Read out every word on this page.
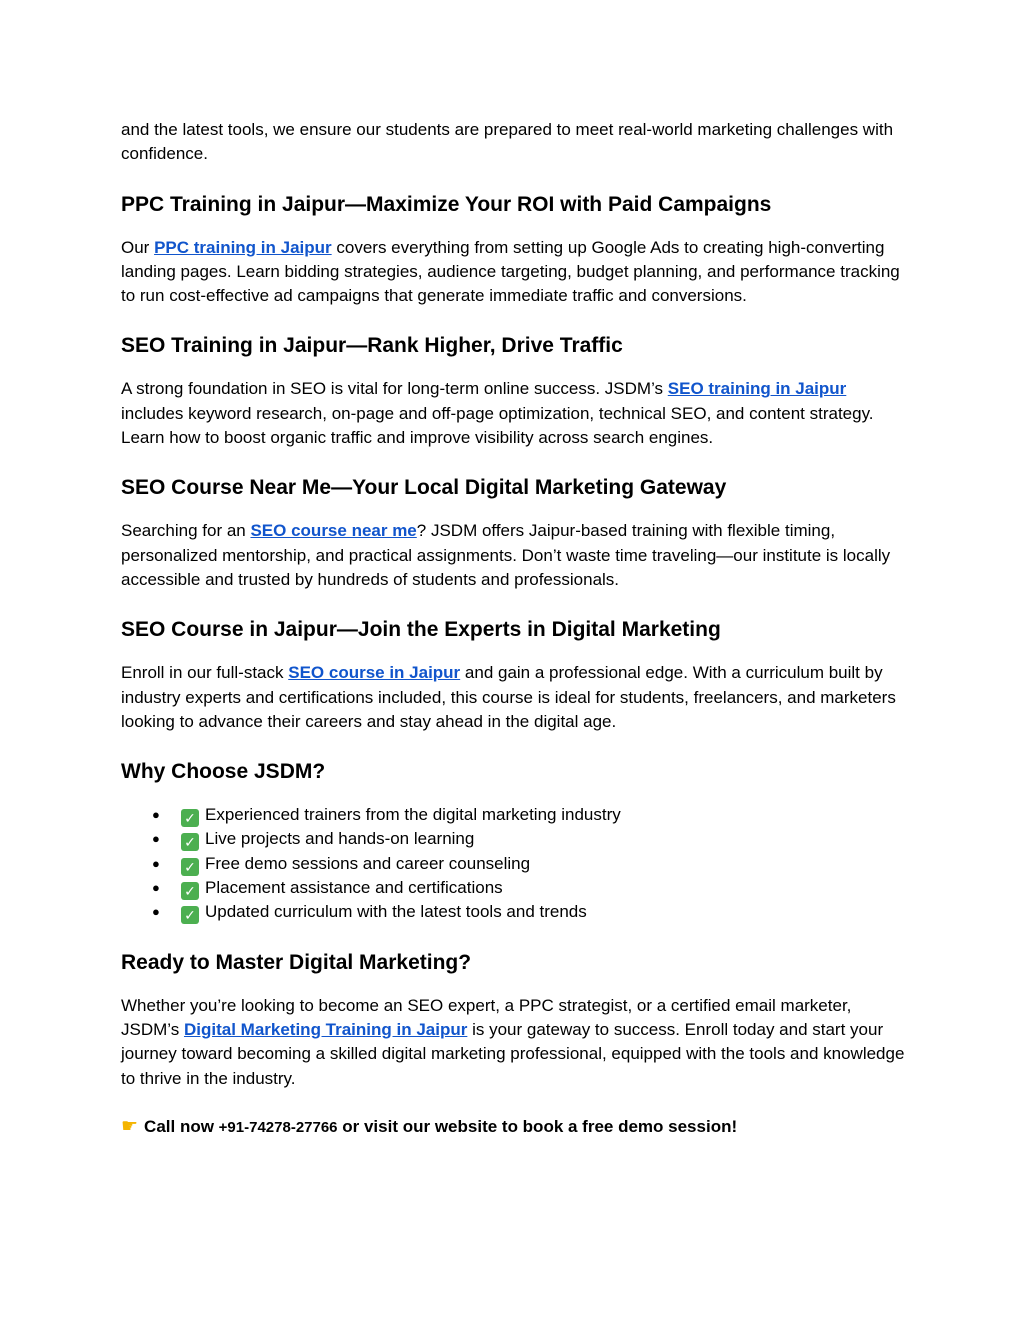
and the latest tools, we ensure our students are prepared to meet real-world marketing challenges with confidence.

PPC Training in Jaipur—Maximize Your ROI with Paid Campaigns

Our PPC training in Jaipur covers everything from setting up Google Ads to creating high-converting landing pages. Learn bidding strategies, audience targeting, budget planning, and performance tracking to run cost-effective ad campaigns that generate immediate traffic and conversions.

SEO Training in Jaipur—Rank Higher, Drive Traffic

A strong foundation in SEO is vital for long-term online success. JSDM’s SEO training in Jaipur includes keyword research, on-page and off-page optimization, technical SEO, and content strategy. Learn how to boost organic traffic and improve visibility across search engines.

SEO Course Near Me—Your Local Digital Marketing Gateway

Searching for an SEO course near me? JSDM offers Jaipur-based training with flexible timing, personalized mentorship, and practical assignments. Don’t waste time traveling—our institute is locally accessible and trusted by hundreds of students and professionals.

SEO Course in Jaipur—Join the Experts in Digital Marketing

Enroll in our full-stack SEO course in Jaipur and gain a professional edge. With a curriculum built by industry experts and certifications included, this course is ideal for students, freelancers, and marketers looking to advance their careers and stay ahead in the digital age.

Why Choose JSDM?
● ✓ Experienced trainers from the digital marketing industry
● ✓ Live projects and hands-on learning
● ✓ Free demo sessions and career counseling
● ✓ Placement assistance and certifications
● ✓ Updated curriculum with the latest tools and trends
Ready to Master Digital Marketing?

Whether you’re looking to become an SEO expert, a PPC strategist, or a certified email marketer, JSDM’s Digital Marketing Training in Jaipur is your gateway to success. Enroll today and start your journey toward becoming a skilled digital marketing professional, equipped with the tools and knowledge to thrive in the industry.

☛ Call now +91-74278-27766 or visit our website to book a free demo session!
